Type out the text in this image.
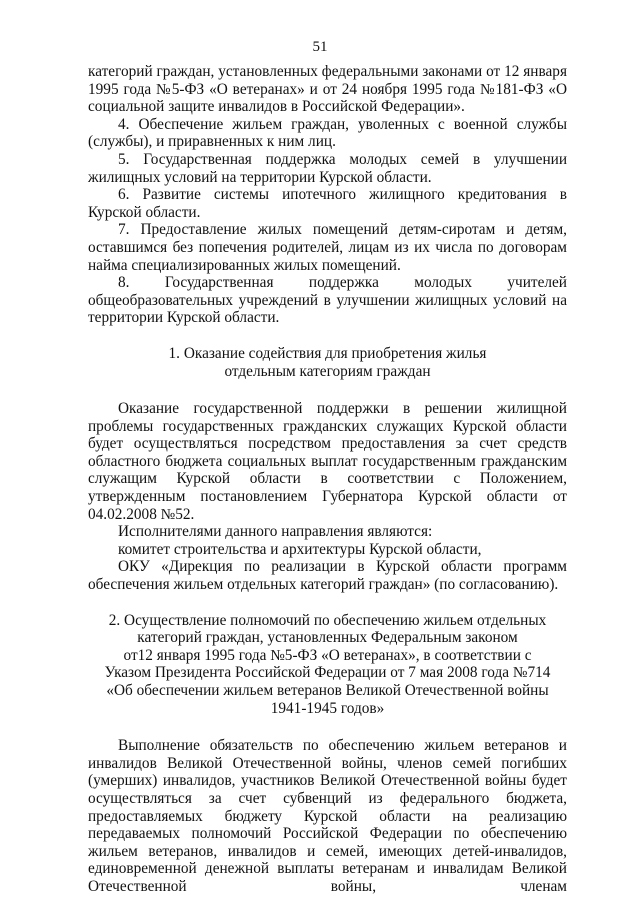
51

категорий граждан, установленных федеральными законами от 12 января 1995 года №5-ФЗ «О ветеранах» и от 24 ноября 1995 года №181-ФЗ «О социальной защите инвалидов в Российской Федерации».

4. Обеспечение жильем граждан, уволенных с военной службы (службы), и приравненных к ним лиц.

5. Государственная поддержка молодых семей в улучшении жилищных условий на территории Курской области.

6. Развитие системы ипотечного жилищного кредитования в Курской области.

7. Предоставление жилых помещений детям-сиротам и детям, оставшимся без попечения родителей, лицам из их числа по договорам найма специализированных жилых помещений.

8. Государственная поддержка молодых учителей общеобразовательных учреждений в улучшении жилищных условий на территории Курской области.

1. Оказание содействия для приобретения жилья
отдельным категориям граждан

Оказание государственной поддержки в решении жилищной проблемы государственных гражданских служащих Курской области будет осуществляться посредством предоставления за счет средств областного бюджета социальных выплат государственным гражданским служащим Курской области в соответствии с Положением, утвержденным постановлением Губернатора Курской области от 04.02.2008 №52.

Исполнителями данного направления являются:

комитет строительства и архитектуры Курской области,

ОКУ «Дирекция по реализации в Курской области программ обеспечения жильем отдельных категорий граждан» (по согласованию).

2. Осуществление полномочий по обеспечению жильем отдельных
категорий граждан, установленных Федеральным законом
от12 января 1995 года №5-ФЗ «О ветеранах», в соответствии с
Указом Президента Российской Федерации от 7 мая 2008 года №714
«Об обеспечении жильем ветеранов Великой Отечественной войны
1941-1945 годов»

Выполнение обязательств по обеспечению жильем ветеранов и инвалидов Великой Отечественной войны, членов семей погибших (умерших) инвалидов, участников Великой Отечественной войны будет осуществляться за счет субвенций из федерального бюджета, предоставляемых бюджету Курской области на реализацию передаваемых полномочий Российской Федерации по обеспечению жильем ветеранов, инвалидов и семей, имеющих детей-инвалидов, единовременной денежной выплаты ветеранам и инвалидам Великой Отечественной войны, членам
